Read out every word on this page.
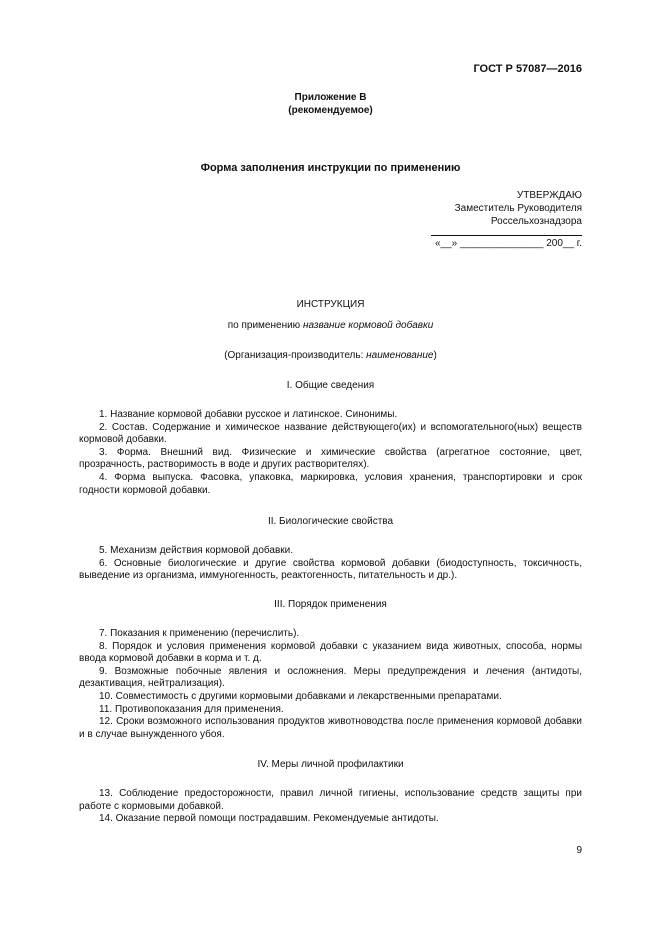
ГОСТ Р 57087—2016
Приложение В
(рекомендуемое)
Форма заполнения инструкции по применению
УТВЕРЖДАЮ
Заместитель Руководителя
Россельхознадзора
«__» _______________ 200__ г.
ИНСТРУКЦИЯ
по применению название кормовой добавки
(Организация-производитель: наименование)
I. Общие сведения

1. Название кормовой добавки русское и латинское. Синонимы.

2. Состав. Содержание и химическое название действующего(их) и вспомогательного(ных) веществ кормовой добавки.

3. Форма. Внешний вид. Физические и химические свойства (агрегатное состояние, цвет, прозрачность, растворимость в воде и других растворителях).

4. Форма выпуска. Фасовка, упаковка, маркировка, условия хранения, транспортировки и срок годности кормовой добавки.

II. Биологические свойства

5. Механизм действия кормовой добавки.

6. Основные биологические и другие свойства кормовой добавки (биодоступность, токсичность, выведение из организма, иммуногенность, реактогенность, питательность и др.).

III. Порядок применения

7. Показания к применению (перечислить).

8. Порядок и условия применения кормовой добавки с указанием вида животных, способа, нормы ввода кормовой добавки в корма и т. д.

9. Возможные побочные явления и осложнения. Меры предупреждения и лечения (антидоты, дезактивация, нейтрализация).

10. Совместимость с другими кормовыми добавками и лекарственными препаратами.

11. Противопоказания для применения.

12. Сроки возможного использования продуктов животноводства после применения кормовой добавки и в случае вынужденного убоя.

IV. Меры личной профилактики

13. Соблюдение предосторожности, правил личной гигиены, использование средств защиты при работе с кормовыми добавкой.

14. Оказание первой помощи пострадавшим. Рекомендуемые антидоты.

9
